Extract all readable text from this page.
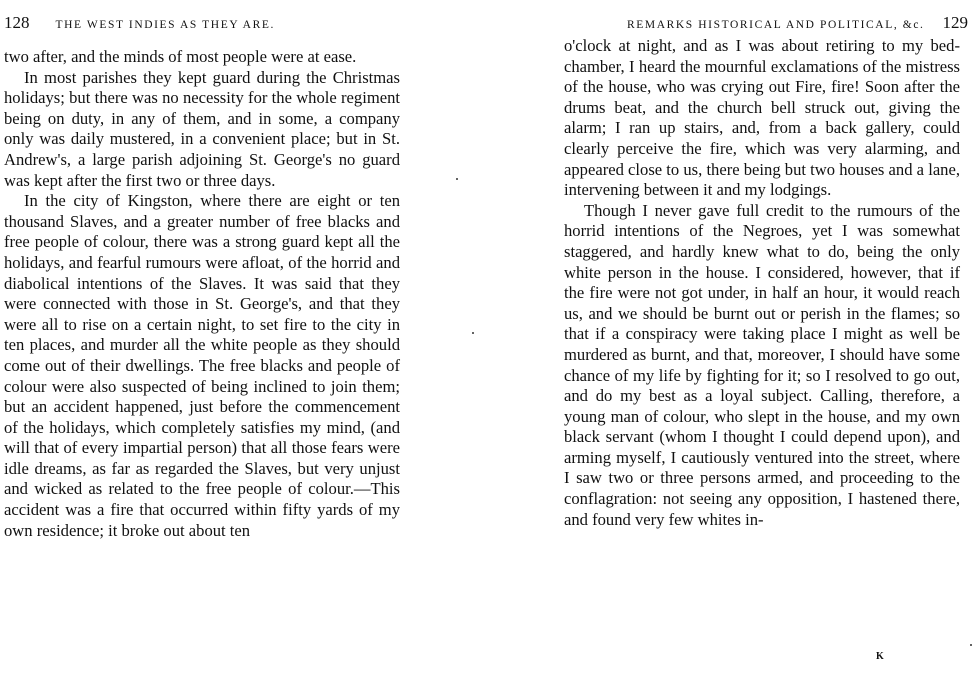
128 THE WEST INDIES AS THEY ARE.

two after, and the minds of most people were at ease.

In most parishes they kept guard during the Christmas holidays; but there was no necessity for the whole regiment being on duty, in any of them, and in some, a company only was daily mustered, in a convenient place; but in St. Andrew's, a large parish adjoining St. George's no guard was kept after the first two or three days.

In the city of Kingston, where there are eight or ten thousand Slaves, and a greater number of free blacks and free people of colour, there was a strong guard kept all the holidays, and fearful rumours were afloat, of the horrid and diabolical intentions of the Slaves. It was said that they were connected with those in St. George's, and that they were all to rise on a certain night, to set fire to the city in ten places, and murder all the white people as they should come out of their dwellings. The free blacks and people of colour were also suspected of being inclined to join them; but an accident happened, just before the commencement of the holidays, which completely satisfies my mind, (and will that of every impartial person) that all those fears were idle dreams, as far as regarded the Slaves, but very unjust and wicked as related to the free people of colour.—This accident was a fire that occurred within fifty yards of my own residence; it broke out about ten

REMARKS HISTORICAL AND POLITICAL, &c. 129

o'clock at night, and as I was about retiring to my bed-chamber, I heard the mournful exclamations of the mistress of the house, who was crying out Fire, fire! Soon after the drums beat, and the church bell struck out, giving the alarm; I ran up stairs, and, from a back gallery, could clearly perceive the fire, which was very alarming, and appeared close to us, there being but two houses and a lane, intervening between it and my lodgings.

Though I never gave full credit to the rumours of the horrid intentions of the Negroes, yet I was somewhat staggered, and hardly knew what to do, being the only white person in the house. I considered, however, that if the fire were not got under, in half an hour, it would reach us, and we should be burnt out or perish in the flames; so that if a conspiracy were taking place I might as well be murdered as burnt, and that, moreover, I should have some chance of my life by fighting for it; so I resolved to go out, and do my best as a loyal subject. Calling, therefore, a young man of colour, who slept in the house, and my own black servant (whom I thought I could depend upon), and arming myself, I cautiously ventured into the street, where I saw two or three persons armed, and proceeding to the conflagration: not seeing any opposition, I hastened there, and found very few whites in-

K
